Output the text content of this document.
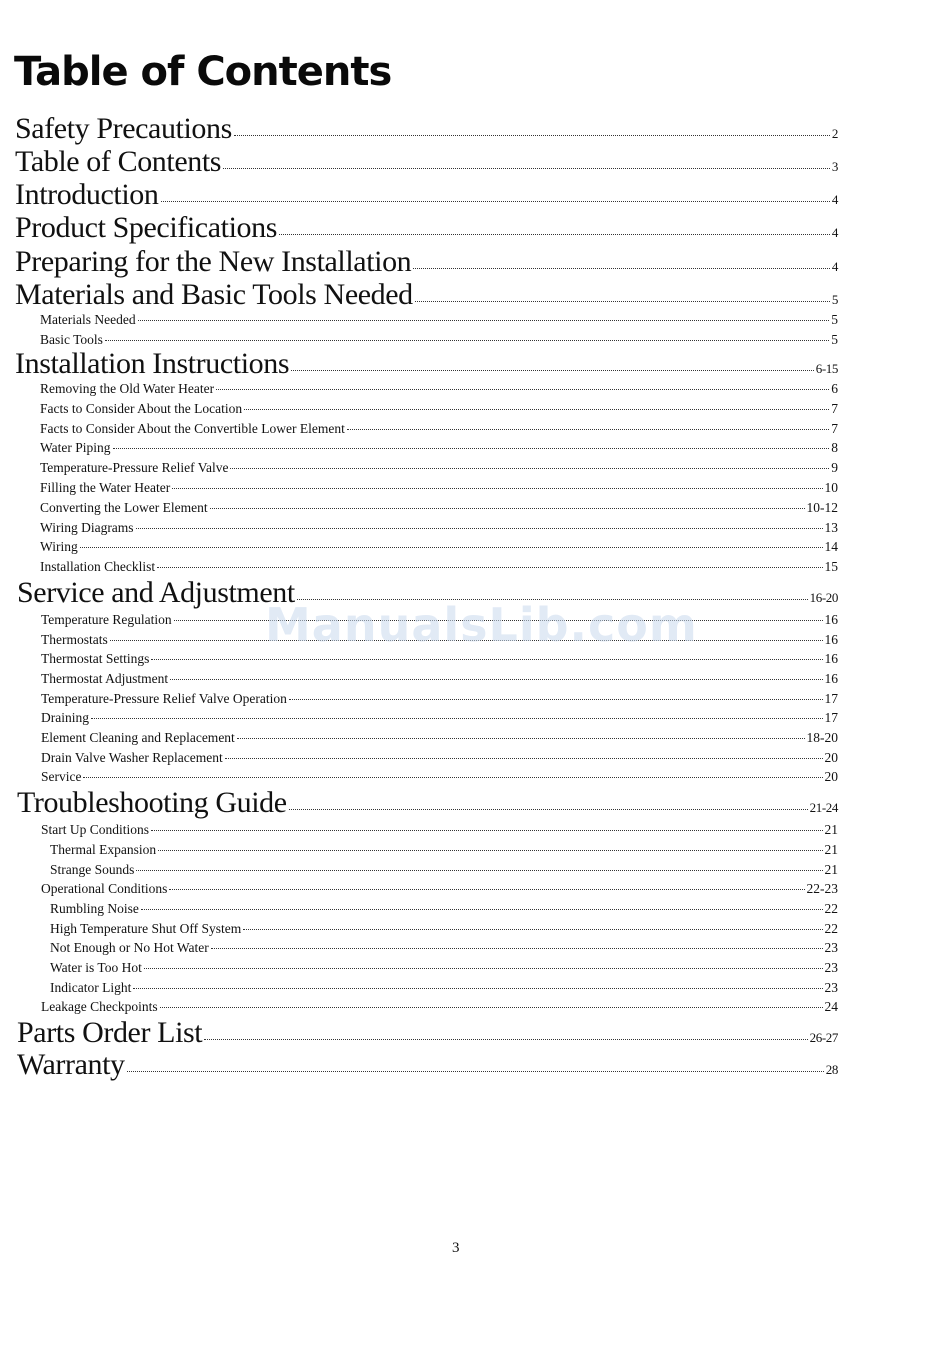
Table of Contents
Safety Precautions	2
Table of Contents	3
Introduction	4
Product Specifications	4
Preparing for the New Installation	4
Materials and Basic Tools Needed	5
Materials Needed	5
Basic Tools	5
Installation Instructions	6-15
Removing the Old Water Heater	6
Facts to Consider About the Location	7
Facts to Consider About the Convertible Lower Element	7
Water Piping	8
Temperature-Pressure Relief Valve	9
Filling the Water Heater	10
Converting the Lower Element	10-12
Wiring Diagrams	13
Wiring	14
Installation Checklist	15
Service and Adjustment	16-20
Temperature Regulation	16
Thermostats	16
Thermostat Settings	16
Thermostat Adjustment	16
Temperature-Pressure Relief Valve Operation	17
Draining	17
Element Cleaning and Replacement	18-20
Drain Valve Washer Replacement	20
Service	20
Troubleshooting Guide	21-24
Start Up Conditions	21
Thermal Expansion	21
Strange Sounds	21
Operational Conditions	22-23
Rumbling Noise	22
High Temperature Shut Off System	22
Not Enough or No Hot Water	23
Water is Too Hot	23
Indicator Light	23
Leakage Checkpoints	24
Parts Order List	26-27
Warranty	28
ManualsLib.com
3
